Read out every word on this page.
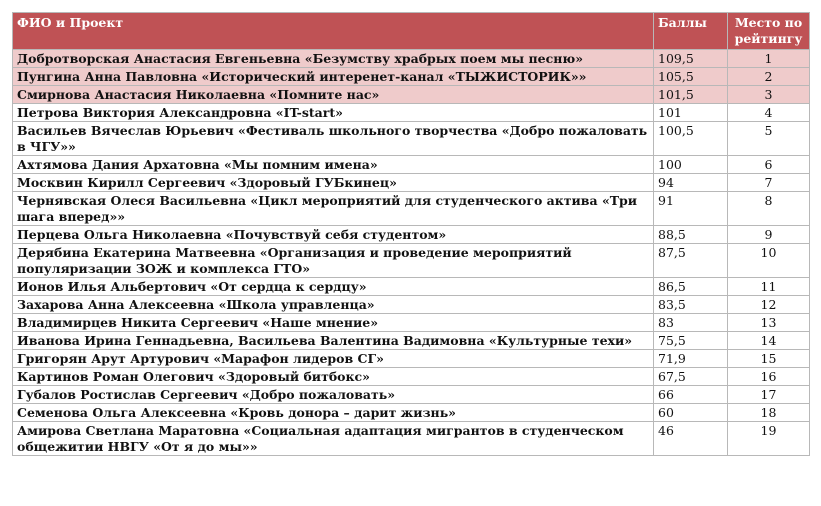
ФИО и Проект	Баллы	Место по рейтингу
Добротворская Анастасия Евгеньевна «Безумству храбрых поем мы песню»	109,5	1
Пунгина Анна Павловна «Исторический интеренет-канал «ТЫЖИСТОРИК»»	105,5	2
Смирнова Анастасия Николаевна «Помните нас»	101,5	3
Петрова Виктория Александровна «IT-start»	101	4
Васильев Вячеслав Юрьевич «Фестиваль школьного творчества «Добро пожаловать в ЧГУ»»	100,5	5
Ахтямова Дания Архатовна «Мы помним имена»	100	6
Москвин Кирилл Сергеевич «Здоровый ГУБкинец»	94	7
Чернявская Олеся Васильевна «Цикл мероприятий для студенческого актива «Три шага вперед»»	91	8
Перцева Ольга Николаевна «Почувствуй себя студентом»	88,5	9
Дерябина Екатерина Матвеевна «Организация и проведение мероприятий популяризации ЗОЖ и комплекса ГТО»	87,5	10
Ионов Илья Альбертович «От сердца к сердцу»	86,5	11
Захарова Анна Алексеевна «Школа управленца»	83,5	12
Владимирцев Никита Сергеевич «Наше мнение»	83	13
Иванова Ирина Геннадьевна, Васильева Валентина Вадимовна «Культурные техи»	75,5	14
Григорян Арут Артурович «Марафон лидеров СГ»	71,9	15
Картинов Роман Олегович «Здоровый битбокс»	67,5	16
Губалов Ростислав Сергеевич «Добро пожаловать»	66	17
Семенова Ольга Алексеевна «Кровь донора – дарит жизнь»	60	18
Амирова Светлана Маратовна «Социальная адаптация мигрантов в студенческом общежитии НВГУ «От я до мы»»	46	19
